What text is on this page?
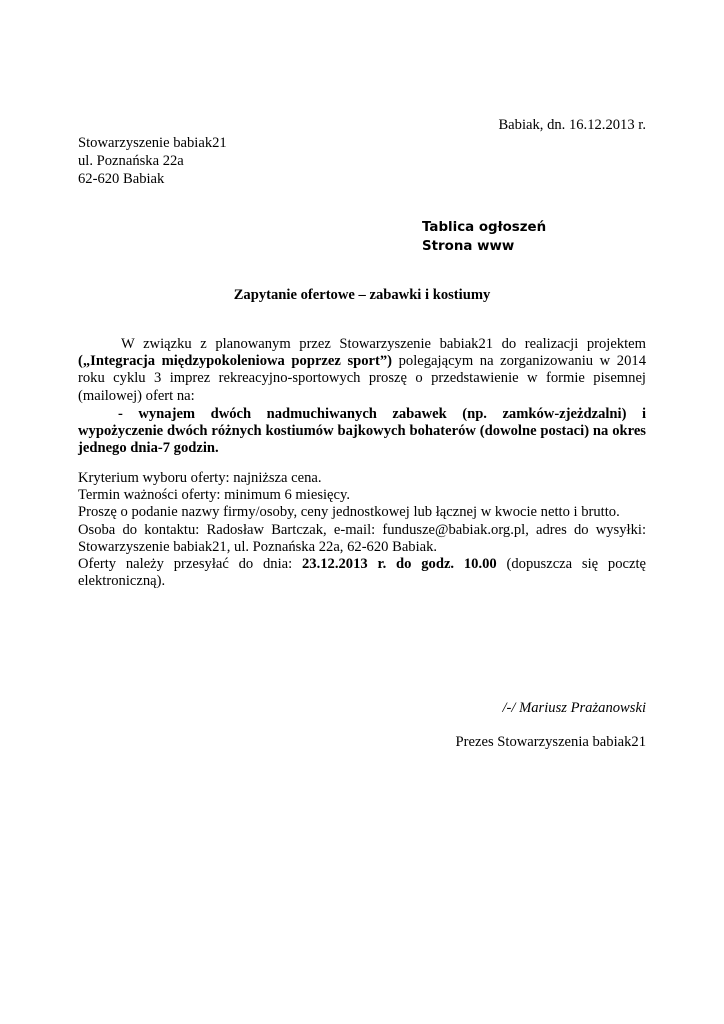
Babiak, dn. 16.12.2013 r.

Stowarzyszenie babiak21
ul. Poznańska 22a
62-620 Babiak
Tablica ogłoszeń
Strona www

Zapytanie ofertowe – zabawki i kostiumy

W związku z planowanym przez Stowarzyszenie babiak21 do realizacji projektem („Integracja międzypokoleniowa poprzez sport”) polegającym na zorganizowaniu w 2014 roku cyklu 3 imprez rekreacyjno-sportowych proszę o przedstawienie w formie pisemnej (mailowej) ofert na:

- wynajem dwóch nadmuchiwanych zabawek (np. zamków-zjeżdzalni) i wypożyczenie dwóch różnych kostiumów bajkowych bohaterów (dowolne postaci) na okres jednego dnia-7 godzin.

Kryterium wyboru oferty: najniższa cena.
Termin ważności oferty: minimum 6 miesięcy.
Proszę o podanie nazwy firmy/osoby, ceny jednostkowej lub łącznej w kwocie netto i brutto.
Osoba do kontaktu: Radosław Bartczak, e-mail: fundusze@babiak.org.pl, adres do wysyłki: Stowarzyszenie babiak21, ul. Poznańska 22a, 62-620 Babiak.
Oferty należy przesyłać do dnia: 23.12.2013 r. do godz. 10.00 (dopuszcza się pocztę elektroniczną).

/-/ Mariusz Prażanowski

Prezes Stowarzyszenia babiak21
